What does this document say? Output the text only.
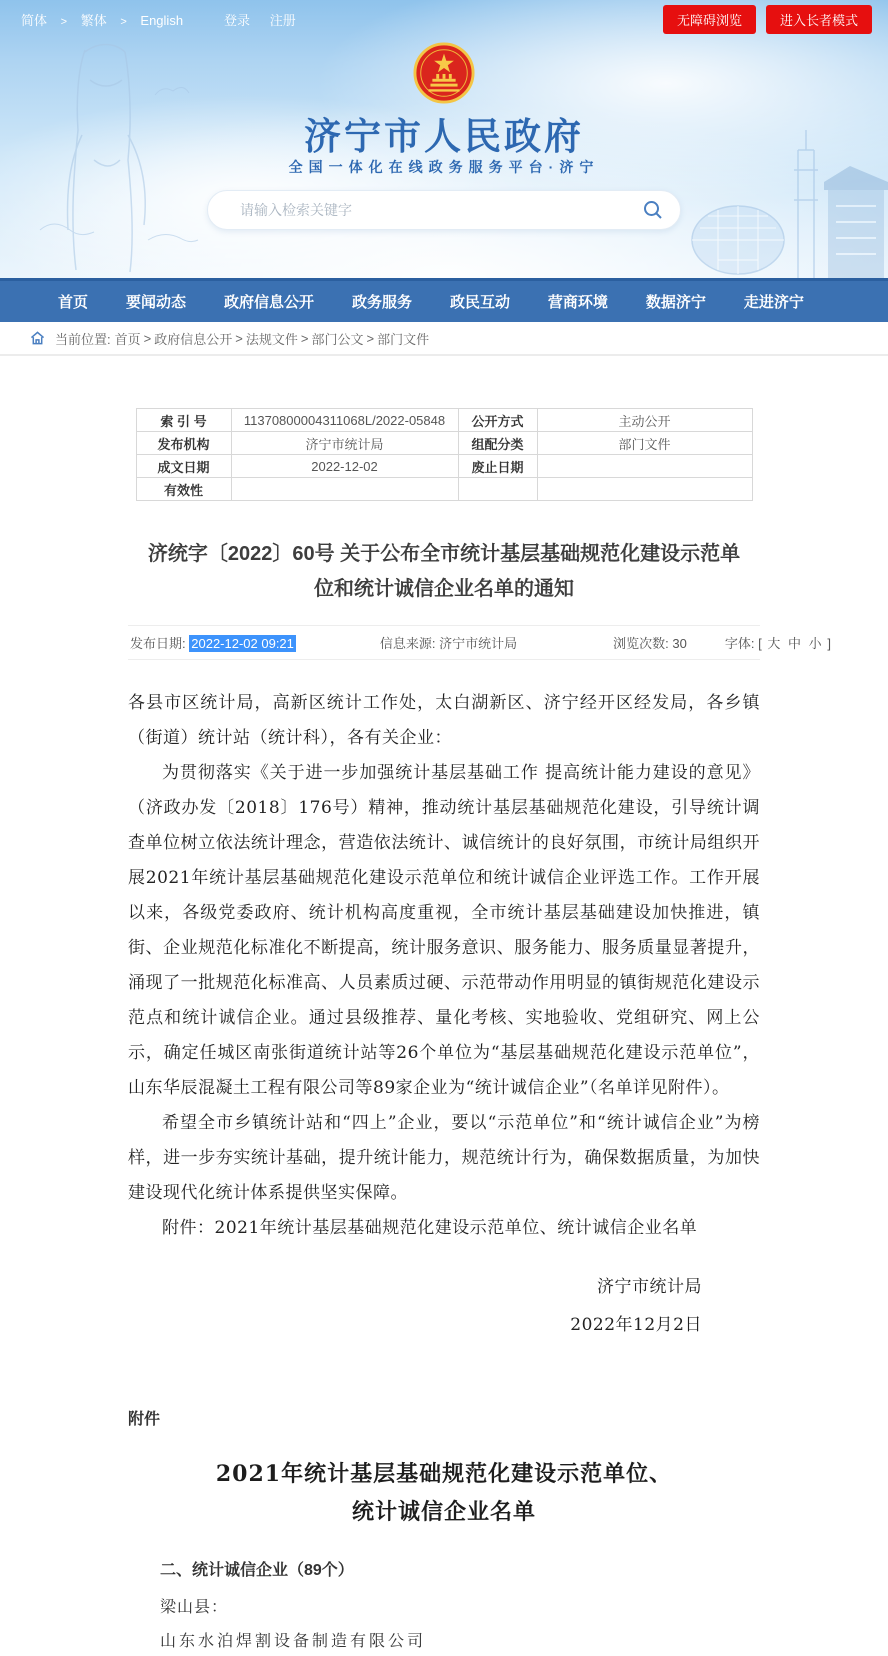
简体 > 繁体 > English	登录 注册	无障碍浏览	进入长者模式
济宁市人民政府
全国一体化在线政务服务平台·济宁
请输入检索关键字
首页	要闻动态	政府信息公开	政务服务	政民互动	营商环境	数据济宁	走进济宁
当前位置: 首页 > 政府信息公开 > 法规文件 > 部门公文 > 部门文件
索 引 号	11370800004311068L/2022-05848	公开方式	主动公开
发布机构	济宁市统计局	组配分类	部门文件
成文日期	2022-12-02	废止日期	
有效性			
济统字〔2022〕60号 关于公布全市统计基层基础规范化建设示范单位和统计诚信企业名单的通知
发布日期: 2022-12-02 09:21	信息来源: 济宁市统计局	浏览次数: 30	字体: [ 大 中 小 ]

各县市区统计局，高新区统计工作处，太白湖新区、济宁经开区经发局，各乡镇（街道）统计站（统计科），各有关企业：

为贯彻落实《关于进一步加强统计基层基础工作 提高统计能力建设的意见》（济政办发〔2018〕176号）精神，推动统计基层基础规范化建设，引导统计调查单位树立依法统计理念，营造依法统计、诚信统计的良好氛围，市统计局组织开展2021年统计基层基础规范化建设示范单位和统计诚信企业评选工作。工作开展以来，各级党委政府、统计机构高度重视，全市统计基层基础建设加快推进，镇街、企业规范化标准化不断提高，统计服务意识、服务能力、服务质量显著提升，涌现了一批规范化标准高、人员素质过硬、示范带动作用明显的镇街规范化建设示范点和统计诚信企业。通过县级推荐、量化考核、实地验收、党组研究、网上公示，确定任城区南张街道统计站等26个单位为“基层基础规范化建设示范单位”，山东华辰混凝土工程有限公司等89家企业为“统计诚信企业”（名单详见附件）。

希望全市乡镇统计站和“四上”企业，要以“示范单位”和“统计诚信企业”为榜样，进一步夯实统计基础，提升统计能力，规范统计行为，确保数据质量，为加快建设现代化统计体系提供坚实保障。

附件：2021年统计基层基础规范化建设示范单位、统计诚信企业名单

济宁市统计局
2022年12月2日
附件
2021年统计基层基础规范化建设示范单位、
统计诚信企业名单
二、统计诚信企业（89个）
梁山县：
山东水泊焊割设备制造有限公司
